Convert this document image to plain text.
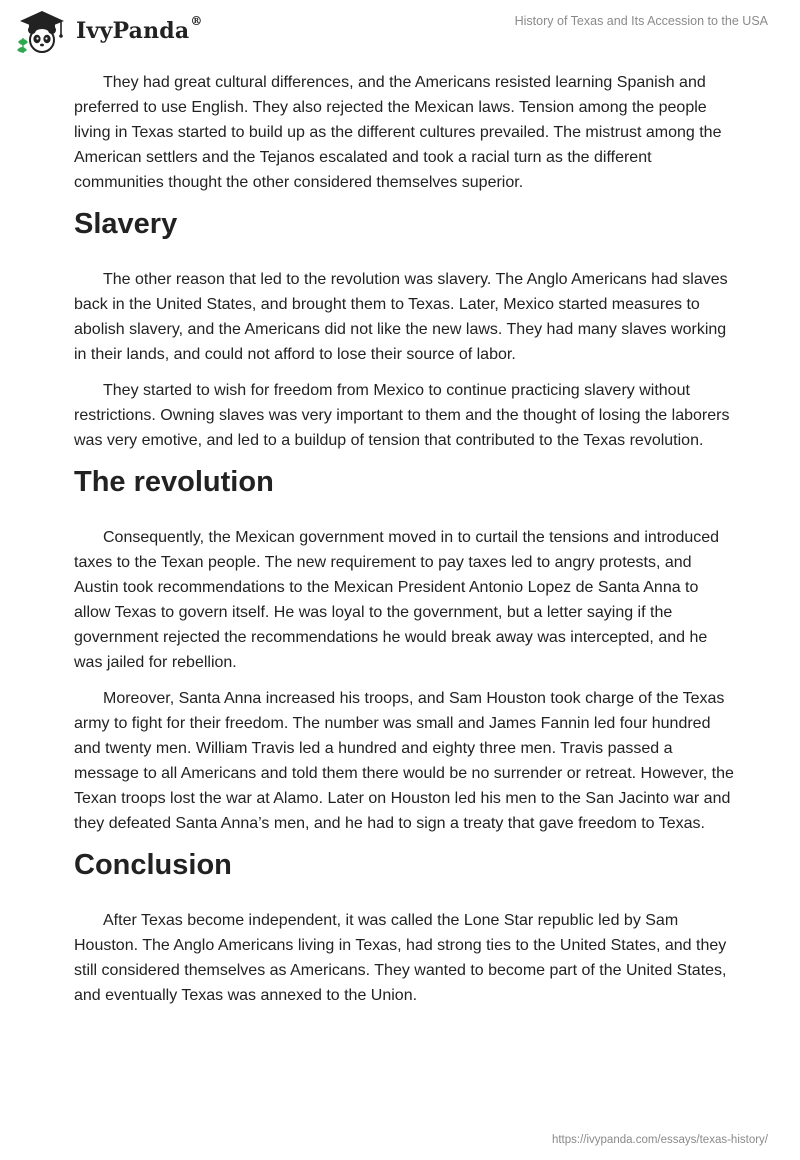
IvyPanda®	History of Texas and Its Accession to the USA

They had great cultural differences, and the Americans resisted learning Spanish and preferred to use English. They also rejected the Mexican laws. Tension among the people living in Texas started to build up as the different cultures prevailed. The mistrust among the American settlers and the Tejanos escalated and took a racial turn as the different communities thought the other considered themselves superior.

Slavery

The other reason that led to the revolution was slavery. The Anglo Americans had slaves back in the United States, and brought them to Texas. Later, Mexico started measures to abolish slavery, and the Americans did not like the new laws. They had many slaves working in their lands, and could not afford to lose their source of labor.

They started to wish for freedom from Mexico to continue practicing slavery without restrictions. Owning slaves was very important to them and the thought of losing the laborers was very emotive, and led to a buildup of tension that contributed to the Texas revolution.

The revolution

Consequently, the Mexican government moved in to curtail the tensions and introduced taxes to the Texan people. The new requirement to pay taxes led to angry protests, and Austin took recommendations to the Mexican President Antonio Lopez de Santa Anna to allow Texas to govern itself. He was loyal to the government, but a letter saying if the government rejected the recommendations he would break away was intercepted, and he was jailed for rebellion.

Moreover, Santa Anna increased his troops, and Sam Houston took charge of the Texas army to fight for their freedom. The number was small and James Fannin led four hundred and twenty men. William Travis led a hundred and eighty three men. Travis passed a message to all Americans and told them there would be no surrender or retreat. However, the Texan troops lost the war at Alamo. Later on Houston led his men to the San Jacinto war and they defeated Santa Anna’s men, and he had to sign a treaty that gave freedom to Texas.

Conclusion

After Texas become independent, it was called the Lone Star republic led by Sam Houston. The Anglo Americans living in Texas, had strong ties to the United States, and they still considered themselves as Americans. They wanted to become part of the United States, and eventually Texas was annexed to the Union.

https://ivypanda.com/essays/texas-history/
